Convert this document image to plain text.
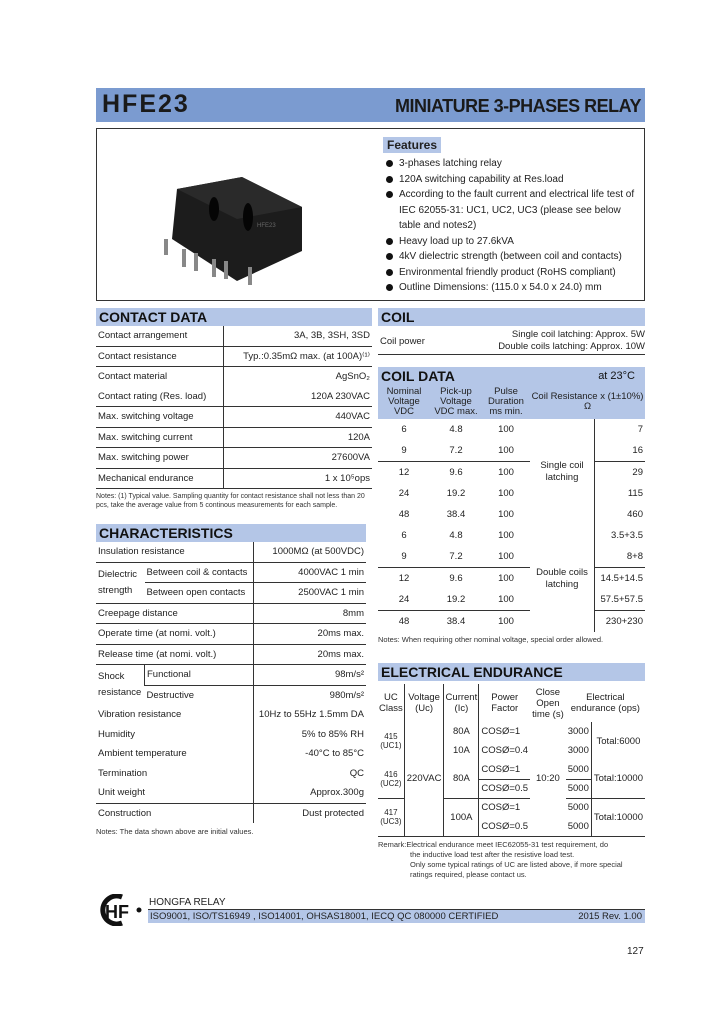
HFE23	MINIATURE 3-PHASES RELAY
HFE23
Features
3-phases latching relay
120A switching capability at Res.load
According to the fault current and electrical life test of IEC 62055-31: UC1, UC2, UC3 (please see below table and notes2)
Heavy load up to 27.6kVA
4kV dielectric strength (between coil and contacts)
Environmental friendly product (RoHS compliant)
Outline Dimensions: (115.0 x 54.0 x 24.0) mm
CONTACT DATA
Contact arrangement	3A, 3B, 3SH, 3SD
Contact resistance	Typ.:0.35mΩ max. (at 100A)⁽¹⁾
Contact material	AgSnO₂
Contact rating (Res. load)	120A 230VAC
Max. switching voltage	440VAC
Max. switching current	120A
Max. switching power	27600VA
Mechanical endurance	1 x 10⁵ops
Notes: (1) Typical value. Sampling quantity for contact resistance shall not less than 20 pcs, take the average value from 5 continous measurements for each sample.
CHARACTERISTICS
Insulation resistance		1000MΩ (at 500VDC)
Dielectric strength	Between coil & contacts	4000VAC 1 min
	Between open contacts	2500VAC 1 min
Creepage distance		8mm
Operate time (at nomi. volt.)		20ms max.
Release time (at nomi. volt.)		20ms max.
Shock resistance	Functional	98m/s²
	Destructive	980m/s²
Vibration resistance		10Hz to 55Hz 1.5mm DA
Humidity		5% to 85% RH
Ambient temperature		-40°C to 85°C
Termination		QC
Unit weight		Approx.300g
Construction		Dust protected
Notes: The data shown above are initial values.
COIL
Coil power
Single coil latching: Approx. 5W
Double coils latching: Approx. 10W
COIL DATA	at 23°C
Nominal Voltage VDC	Pick-up Voltage VDC max.	Pulse Duration ms min.	Coil Resistance x (1±10%) Ω	
6	4.8	100	Single coil latching	7
9	7.2	100		16
12	9.6	100		29
24	19.2	100		115
48	38.4	100		460
6	4.8	100	Double coils latching	3.5+3.5
9	7.2	100		8+8
12	9.6	100		14.5+14.5
24	19.2	100		57.5+57.5
48	38.4	100		230+230
Notes: When requiring other nominal voltage, special order allowed.
ELECTRICAL ENDURANCE
UC Class	Voltage (Uc)	Current (Ic)	Power Factor	Close Open time (s)	Electrical endurance (ops)	
415 (UC1)	220VAC	80A	COSØ=1	10:20	3000	Total:6000
		10A	COSØ=0.4		3000	
416 (UC2)		80A	COSØ=1		5000	Total:10000
			COSØ=0.5		5000	
417 (UC3)		100A	COSØ=1		5000	Total:10000
			COSØ=0.5		5000	
Remark:Electrical endurance meet IEC62055-31 test requirement, do
the inductive load test after the resistive load test.
Only some typical ratings of UC are listed above, if more special
ratings required, please contact us.
HF HONGFA RELAY
ISO9001, ISO/TS16949 , ISO14001, OHSAS18001, IECQ QC 080000 CERTIFIED	2015 Rev. 1.00
127
